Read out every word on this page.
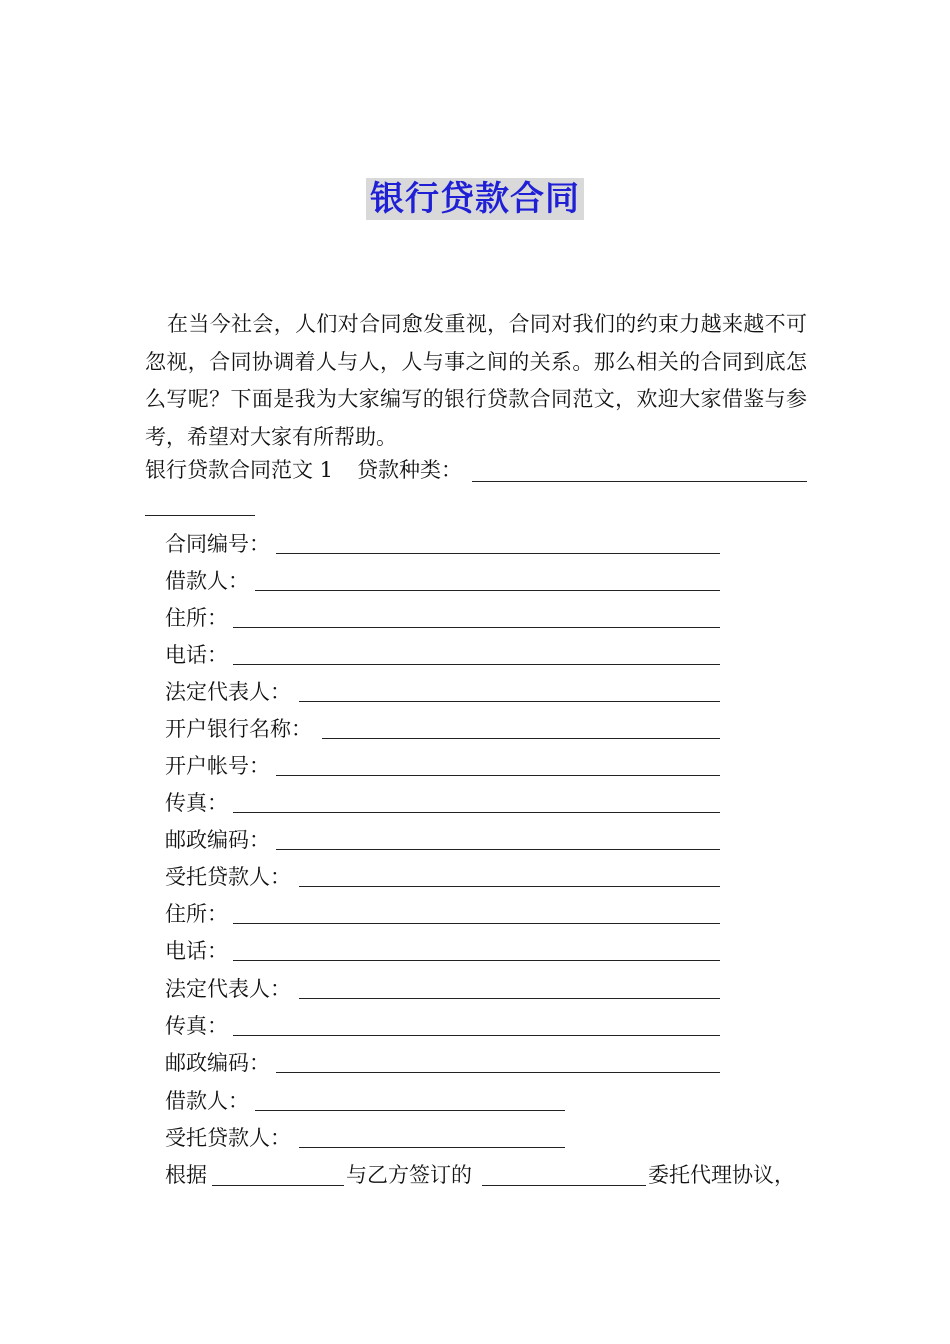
银行贷款合同

在当今社会，人们对合同愈发重视，合同对我们的约束力越来越不可忽视，合同协调着人与人，人与事之间的关系。那么相关的合同到底怎么写呢？下面是我为大家编写的银行贷款合同范文，欢迎大家借鉴与参考，希望对大家有所帮助。

银行贷款合同范文 1 贷款种类：
合同编号：
借款人：
住所：
电话：
法定代表人：
开户银行名称：
开户帐号：
传真：
邮政编码：
受托贷款人：
住所：
电话：
法定代表人：
传真：
邮政编码：
借款人：
受托贷款人：
根据	与乙方签订的	委托代理协议，
